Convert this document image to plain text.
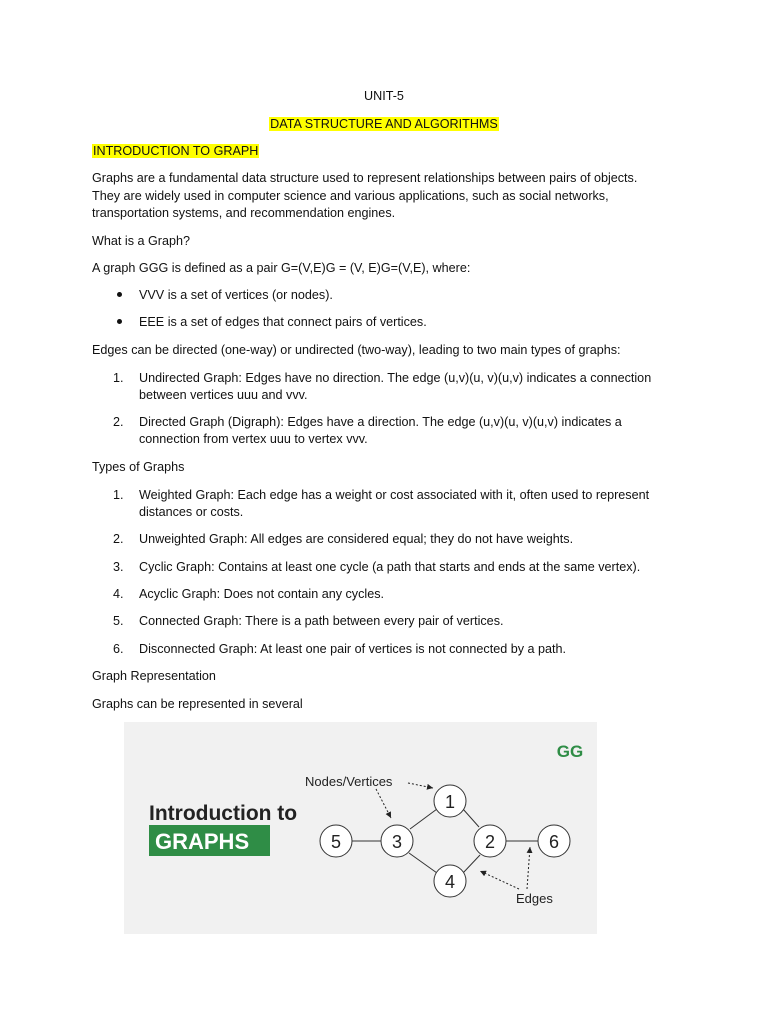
UNIT-5

DATA STRUCTURE AND ALGORITHMS

INTRODUCTION TO GRAPH

Graphs are a fundamental data structure used to represent relationships between pairs of objects.

They are widely used in computer science and various applications, such as social networks,

transportation systems, and recommendation engines.

What is a Graph?

A graph GGG is defined as a pair G=(V,E)G = (V, E)G=(V,E), where:

VVV is a set of vertices (or nodes).

EEE is a set of edges that connect pairs of vertices.

Edges can be directed (one-way) or undirected (two-way), leading to two main types of graphs:

1. Undirected Graph: Edges have no direction. The edge (u,v)(u, v)(u,v) indicates a connection

between vertices uuu and vvv.

2. Directed Graph (Digraph): Edges have a direction. The edge (u,v)(u, v)(u,v) indicates a

connection from vertex uuu to vertex vvv.

Types of Graphs

1. Weighted Graph: Each edge has a weight or cost associated with it, often used to represent

distances or costs.

2. Unweighted Graph: All edges are considered equal; they do not have weights.

3. Cyclic Graph: Contains at least one cycle (a path that starts and ends at the same vertex).

4. Acyclic Graph: Does not contain any cycles.

5. Connected Graph: There is a path between every pair of vertices.

6. Disconnected Graph: At least one pair of vertices is not connected by a path.

Graph Representation

Graphs can be represented in several

GG
Introduction to
GRAPHS
Nodes/Vertices
Edges
1
2
3
4
5	6
